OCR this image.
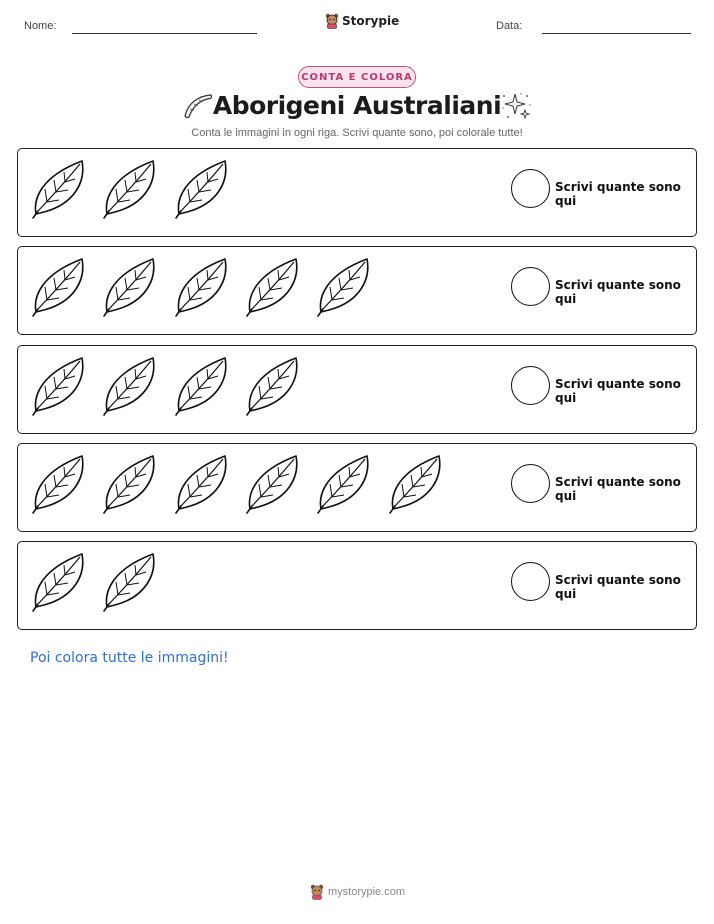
Nome:	Storypie	Data:
CONTA E COLORA
Aborigeni Australiani
Conta le immagini in ogni riga. Scrivi quante sono, poi colorale tutte!
Scrivi quante sono qui
Scrivi quante sono qui
Scrivi quante sono qui
Scrivi quante sono qui
Scrivi quante sono qui
Poi colora tutte le immagini!
mystorypie.com
